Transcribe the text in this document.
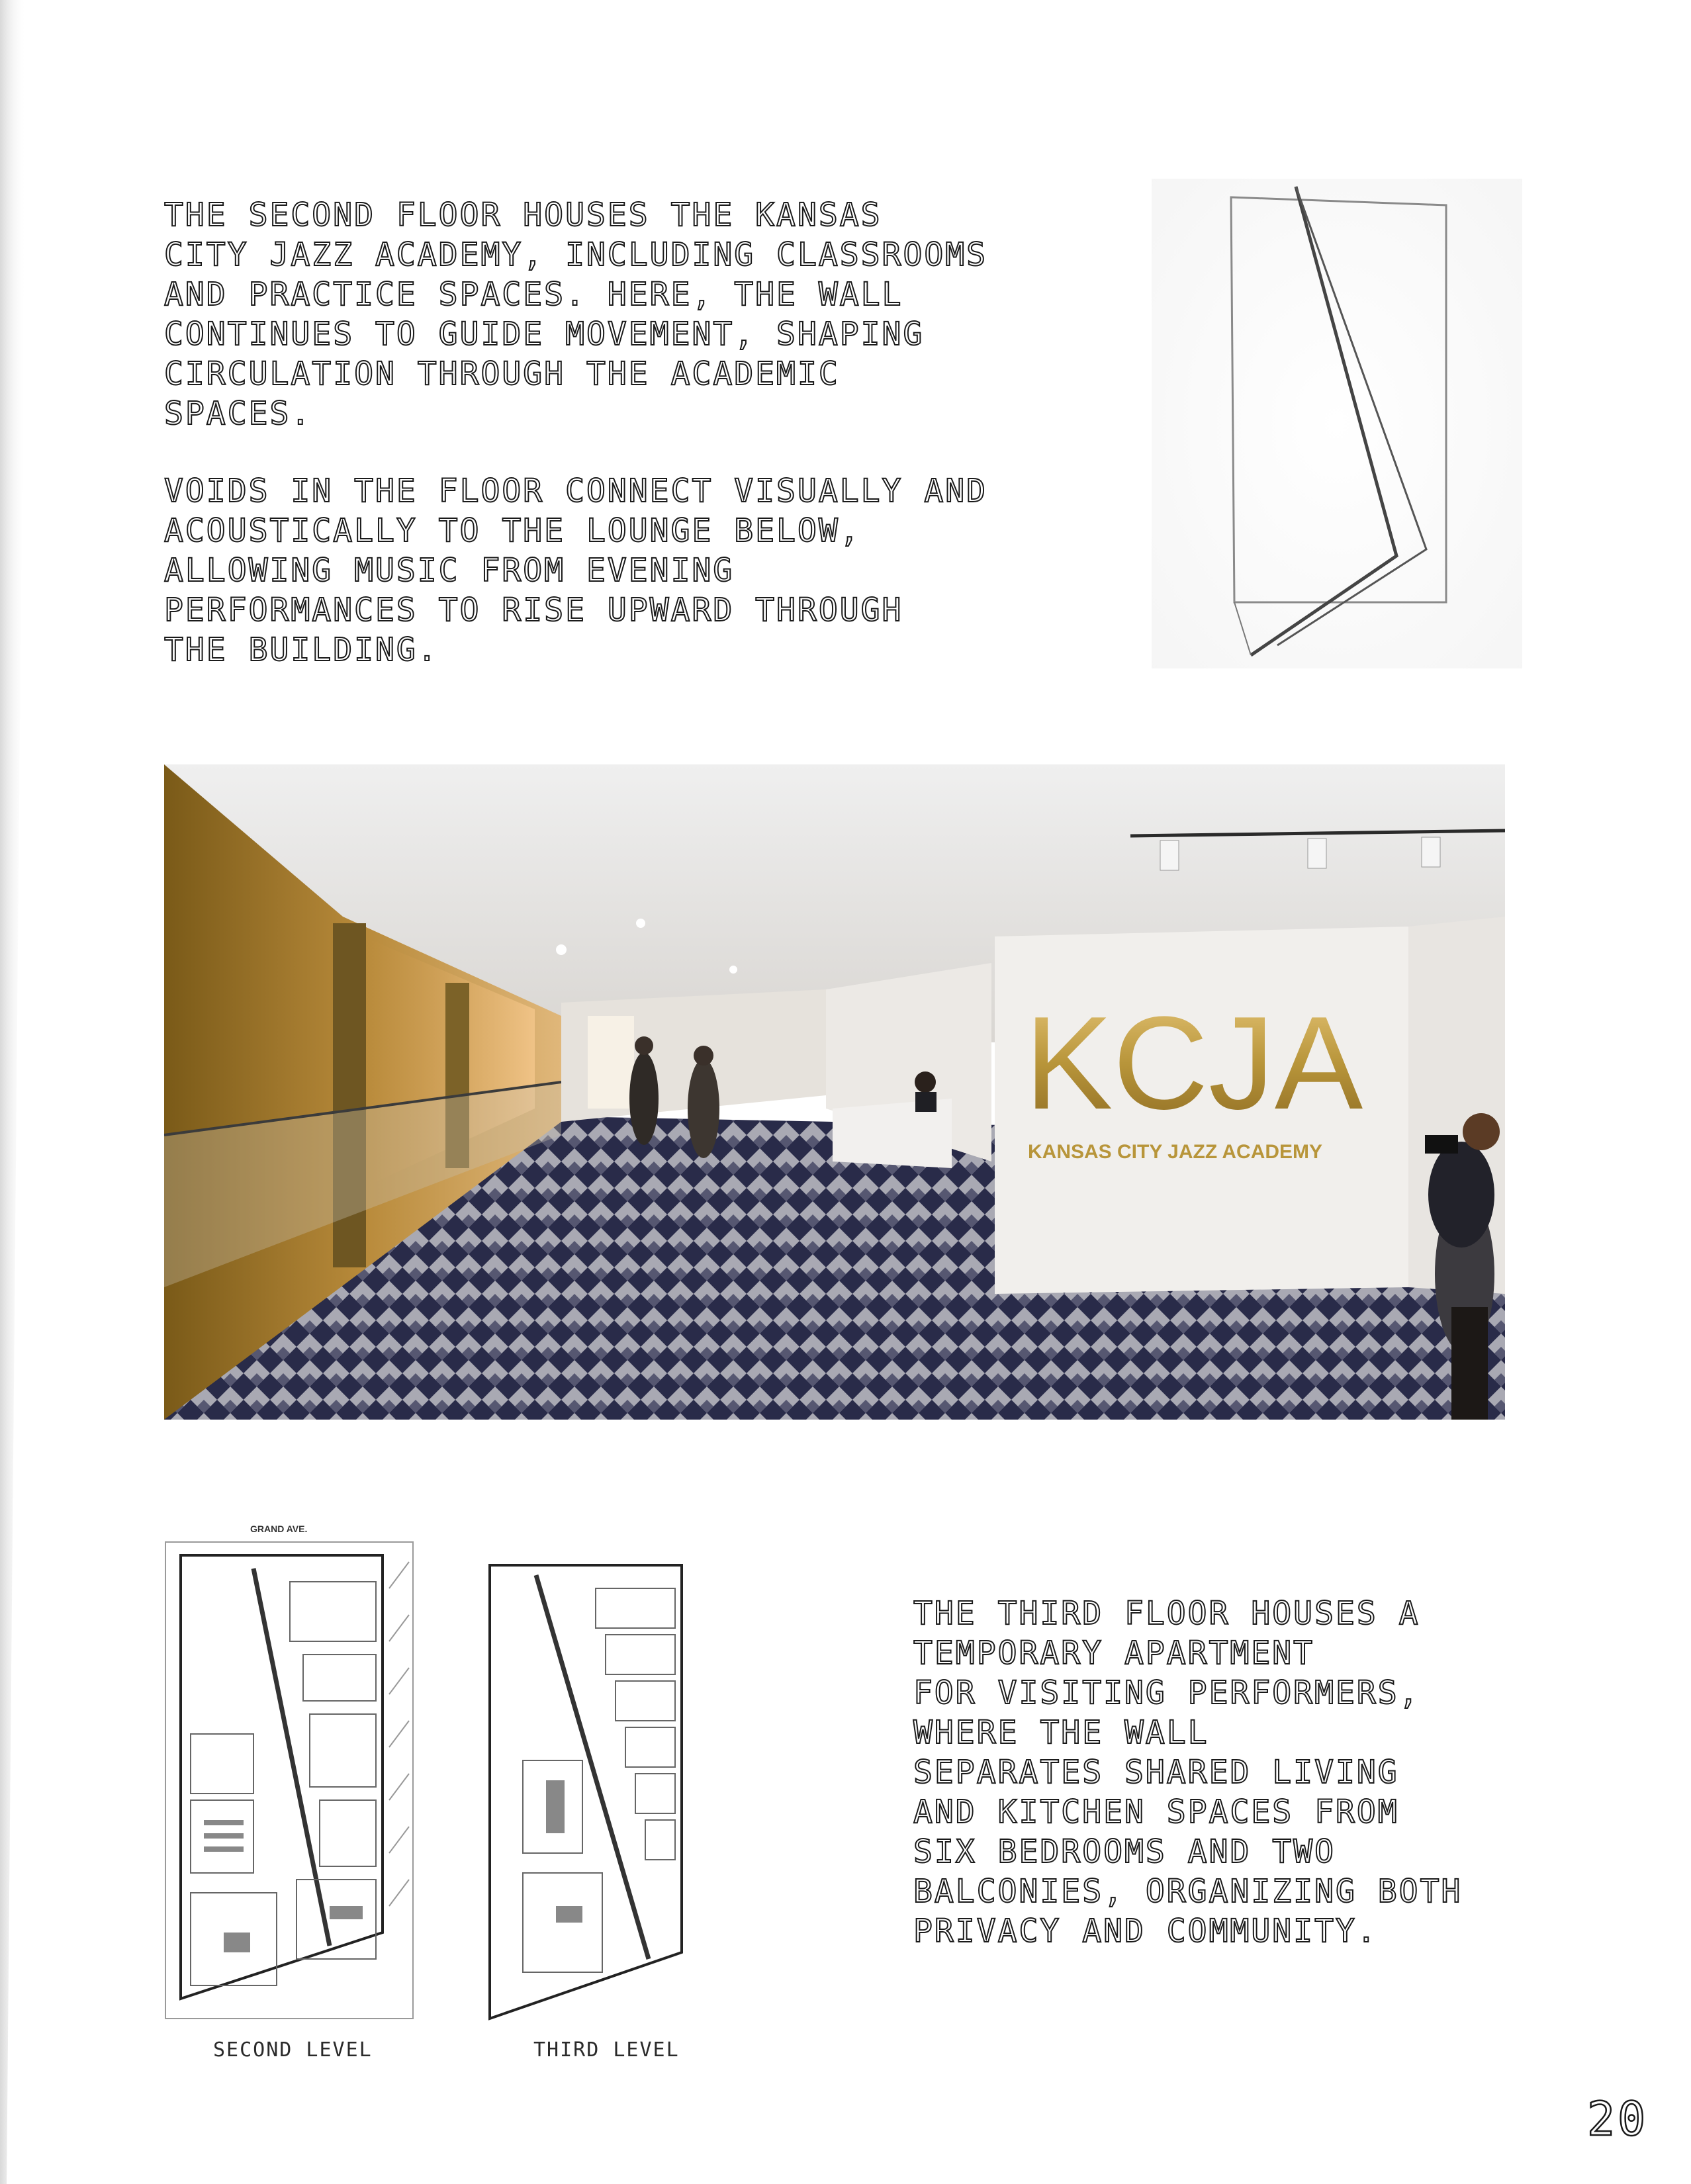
THE SECOND FLOOR HOUSES THE KANSAS
CITY JAZZ ACADEMY, INCLUDING CLASSROOMS
AND PRACTICE SPACES. HERE, THE WALL
CONTINUES TO GUIDE MOVEMENT, SHAPING
CIRCULATION THROUGH THE ACADEMIC
SPACES.
VOIDS IN THE FLOOR CONNECT VISUALLY AND
ACOUSTICALLY TO THE LOUNGE BELOW,
ALLOWING MUSIC FROM EVENING
PERFORMANCES TO RISE UPWARD THROUGH
THE BUILDING.
KCJA
KANSAS CITY JAZZ ACADEMY
GRAND AVE.
SECOND LEVEL	THIRD LEVEL
THE THIRD FLOOR HOUSES A
TEMPORARY APARTMENT
FOR VISITING PERFORMERS,
WHERE THE WALL
SEPARATES SHARED LIVING
AND KITCHEN SPACES FROM
SIX BEDROOMS AND TWO
BALCONIES, ORGANIZING BOTH
PRIVACY AND COMMUNITY.
20
